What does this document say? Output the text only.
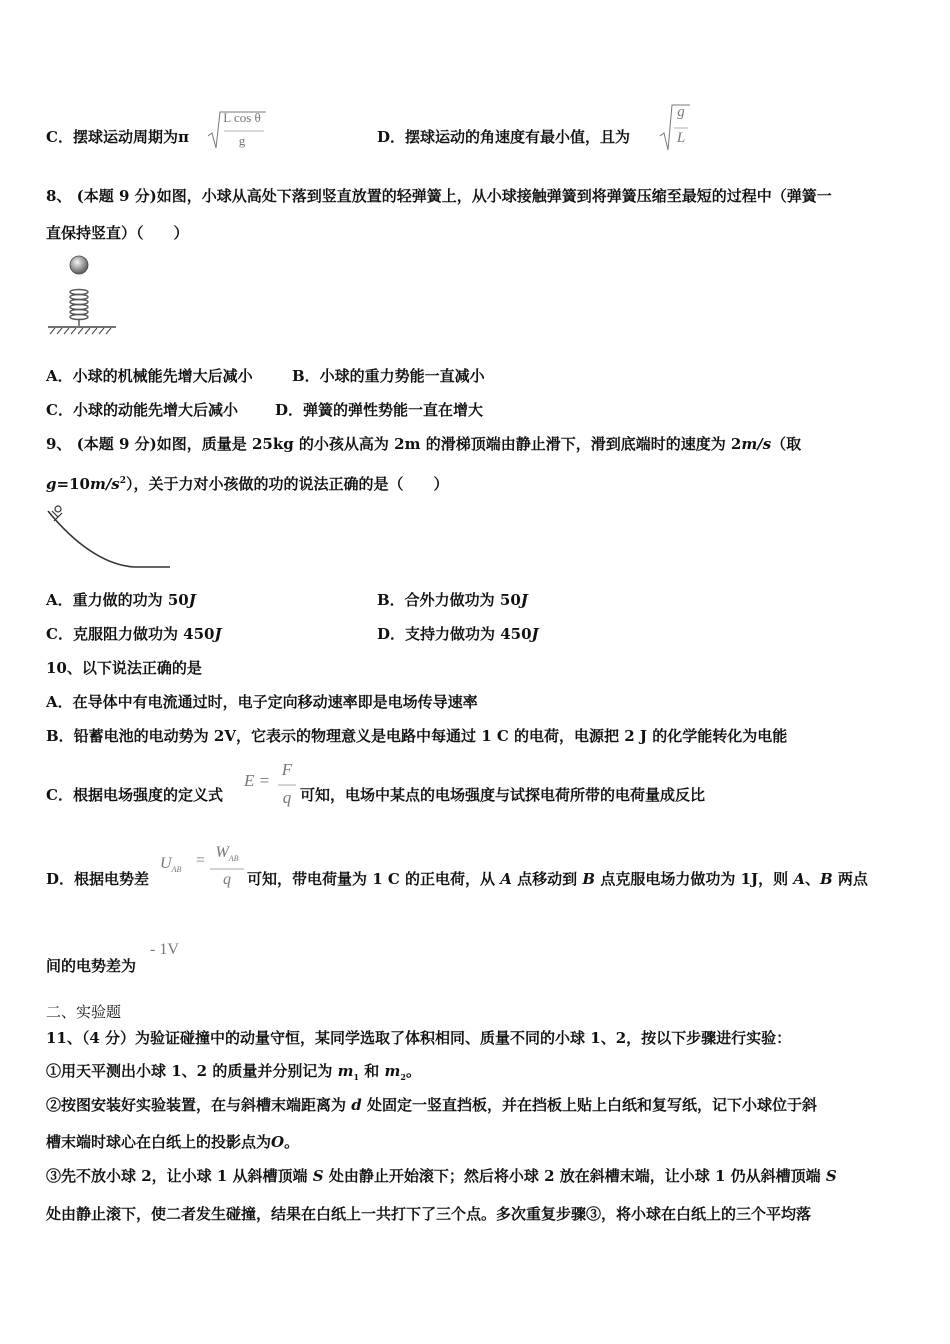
C．摆球运动周期为π
L cos θ
g	D．摆球运动的角速度有最小值，且为
g
L
8、 (本题 9 分)如图，小球从高处下落到竖直放置的轻弹簧上，从小球接触弹簧到将弹簧压缩至最短的过程中（弹簧一
直保持竖直）（　　）
A．小球的机械能先增大后减小	B．小球的重力势能一直减小
C．小球的动能先增大后减小 D．弹簧的弹性势能一直在增大
9、 (本题 9 分)如图，质量是 25kg 的小孩从高为 2m 的滑梯顶端由静止滑下，滑到底端时的速度为 2m/s（取
$g=10m/s^2$），关于力对小孩做的功的说法正确的是（　　）
A．重力做的功为 50J	B．合外力做功为 50J
C．克服阻力做功为 450J	D．支持力做功为 450J
10、以下说法正确的是
A．在导体中有电流通过时，电子定向移动速率即是电场传导速率
B．铅蓄电池的电动势为 2V，它表示的物理意义是电路中每通过 1 C 的电荷，电源把 2 J 的化学能转化为电能
C．根据电场强度的定义式
E =
F
q 可知，电场中某点的电场强度与试探电荷所带的电荷量成反比
D．根据电势差
$U_{AB}$
= $W_{AB}$
q	可知，带电荷量为 1 C 的正电荷，从 A 点移动到 B 点克服电场力做功为 1J，则 A、B 两点
间的电势差为
- 1V
二、实验题
11、（4 分）为验证碰撞中的动量守恒，某同学选取了体积相同、质量不同的小球 1、2，按以下步骤进行实验：
①用天平测出小球 1、2 的质量并分别记为 $m_1$ 和 $m_2$。
②按图安装好实验装置，在与斜槽末端距离为 d 处固定一竖直挡板，并在挡板上贴上白纸和复写纸，记下小球位于斜
槽末端时球心在白纸上的投影点为O。
③先不放小球 2，让小球 1 从斜槽顶端 S 处由静止开始滚下；然后将小球 2 放在斜槽末端，让小球 1 仍从斜槽顶端 S
处由静止滚下，使二者发生碰撞，结果在白纸上一共打下了三个点。多次重复步骤③，将小球在白纸上的三个平均落
